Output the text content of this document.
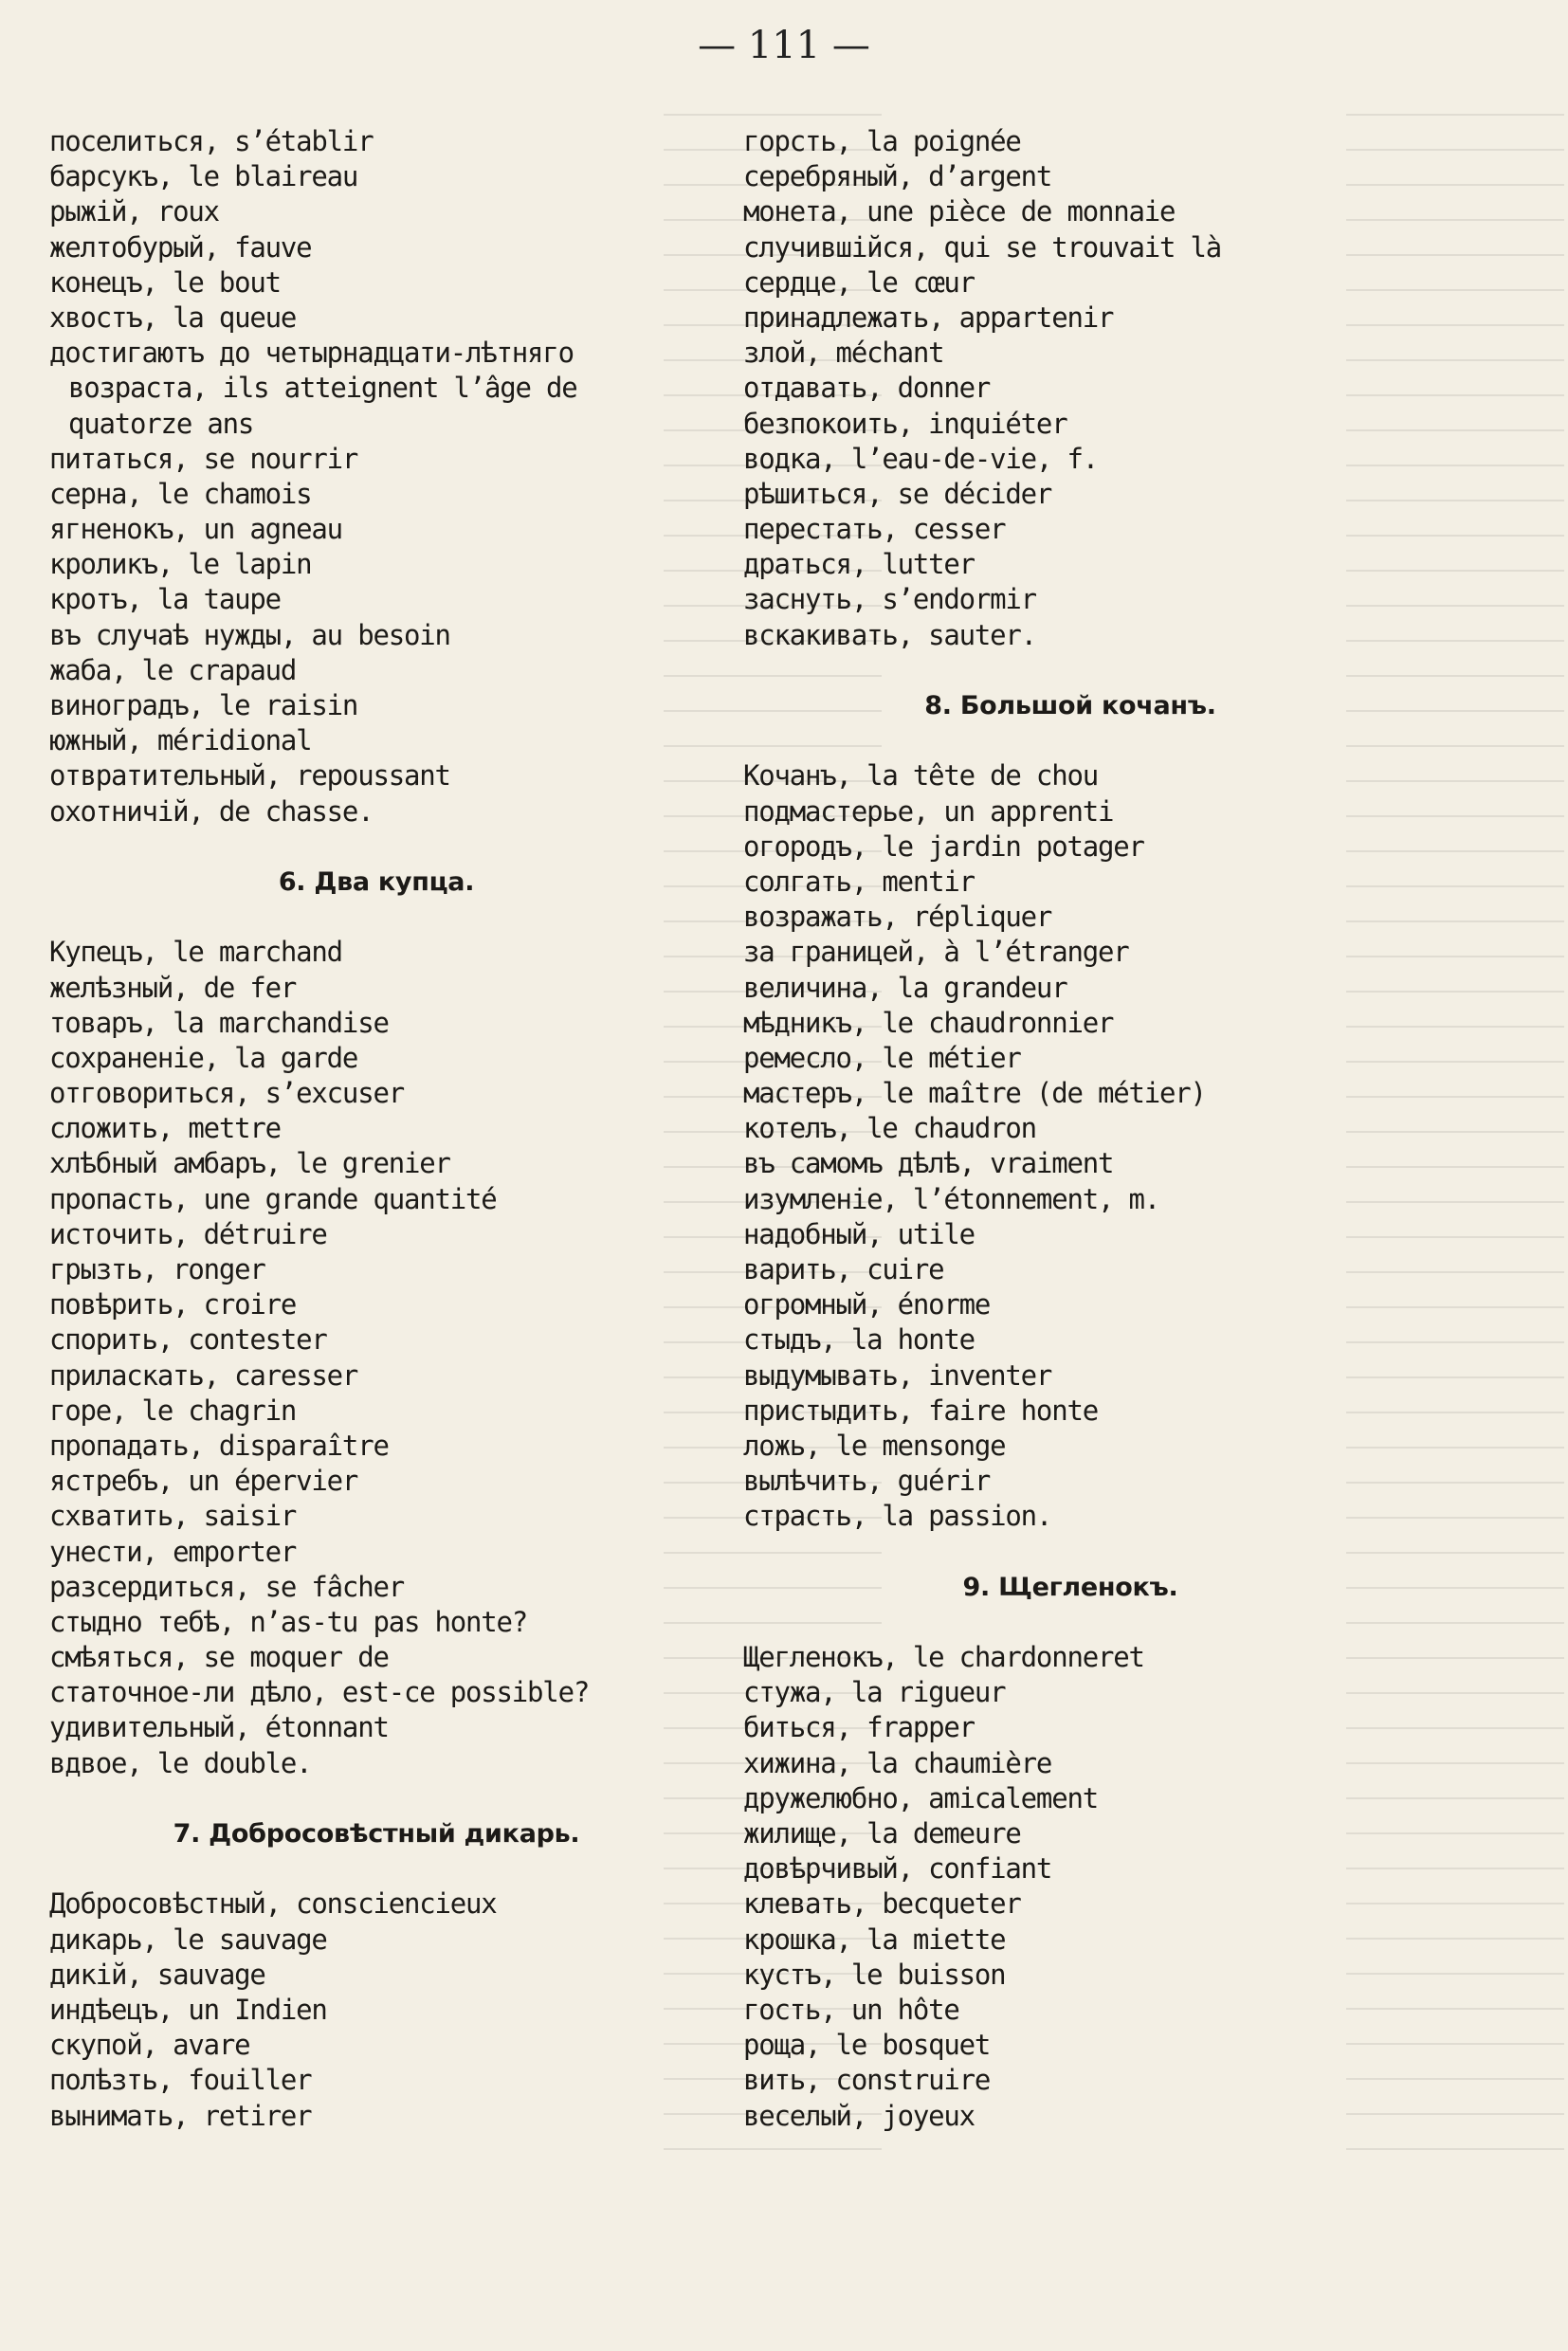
— 111 —
поселиться, s’établir
барсукъ, le blaireau
рыжій, roux
желтобурый, fauve
конецъ, le bout
хвостъ, la queue
достигаютъ до четырнадцати-лѣтняго
возраста, ils atteignent l’âge de
quatorze ans
питаться, se nourrir
серна, le chamois
ягненокъ, un agneau
кроликъ, le lapin
кротъ, la taupe
въ случаѣ нужды, au besoin
жаба, le crapaud
виноградъ, le raisin
южный, méridional
отвратительный, repoussant
охотничій, de chasse.
6. Два купца.
Купецъ, le marchand
желѣзный, de fer
товаръ, la marchandise
сохраненіе, la garde
отговориться, s’excuser
сложить, mettre
хлѣбный амбаръ, le grenier
пропасть, une grande quantité
источить, détruire
грызть, ronger
повѣрить, croire
спорить, contester
приласкать, caresser
горе, le chagrin
пропадать, disparaître
ястребъ, un épervier
схватить, saisir
унести, emporter
разсердиться, se fâcher
стыдно тебѣ, n’as-tu pas honte?
смѣяться, se moquer de
статочное-ли дѣло, est-ce possible?
удивительный, étonnant
вдвое, le double.
7. Добросовѣстный дикарь.
Добросовѣстный, consciencieux
дикарь, le sauvage
дикій, sauvage
индѣецъ, un Indien
скупой, avare
полѣзть, fouiller
вынимать, retirer
горсть, la poignée
серебряный, d’argent
монета, une pièce de monnaie
случившійся, qui se trouvait là
сердце, le cœur
принадлежать, appartenir
злой, méchant
отдавать, donner
безпокоить, inquiéter
водка, l’eau-de-vie, f.
рѣшиться, se décider
перестать, cesser
драться, lutter
заснуть, s’endormir
вскакивать, sauter.
8. Большой кочанъ.
Кочанъ, la tête de chou
подмастерье, un apprenti
огородъ, le jardin potager
солгать, mentir
возражать, répliquer
за границей, à l’étranger
величина, la grandeur
мѣдникъ, le chaudronnier
ремесло, le métier
мастеръ, le maître (de métier)
котелъ, le chaudron
въ самомъ дѣлѣ, vraiment
изумленіе, l’étonnement, m.
надобный, utile
варить, cuire
огромный, énorme
стыдъ, la honte
выдумывать, inventer
пристыдить, faire honte
ложь, le mensonge
вылѣчить, guérir
страсть, la passion.
9. Щегленокъ.
Щегленокъ, le chardonneret
стужа, la rigueur
биться, frapper
хижина, la chaumière
дружелюбно, amicalement
жилище, la demeure
довѣрчивый, confiant
клевать, becqueter
крошка, la miette
кустъ, le buisson
гость, un hôte
роща, le bosquet
вить, construire
веселый, joyeux
